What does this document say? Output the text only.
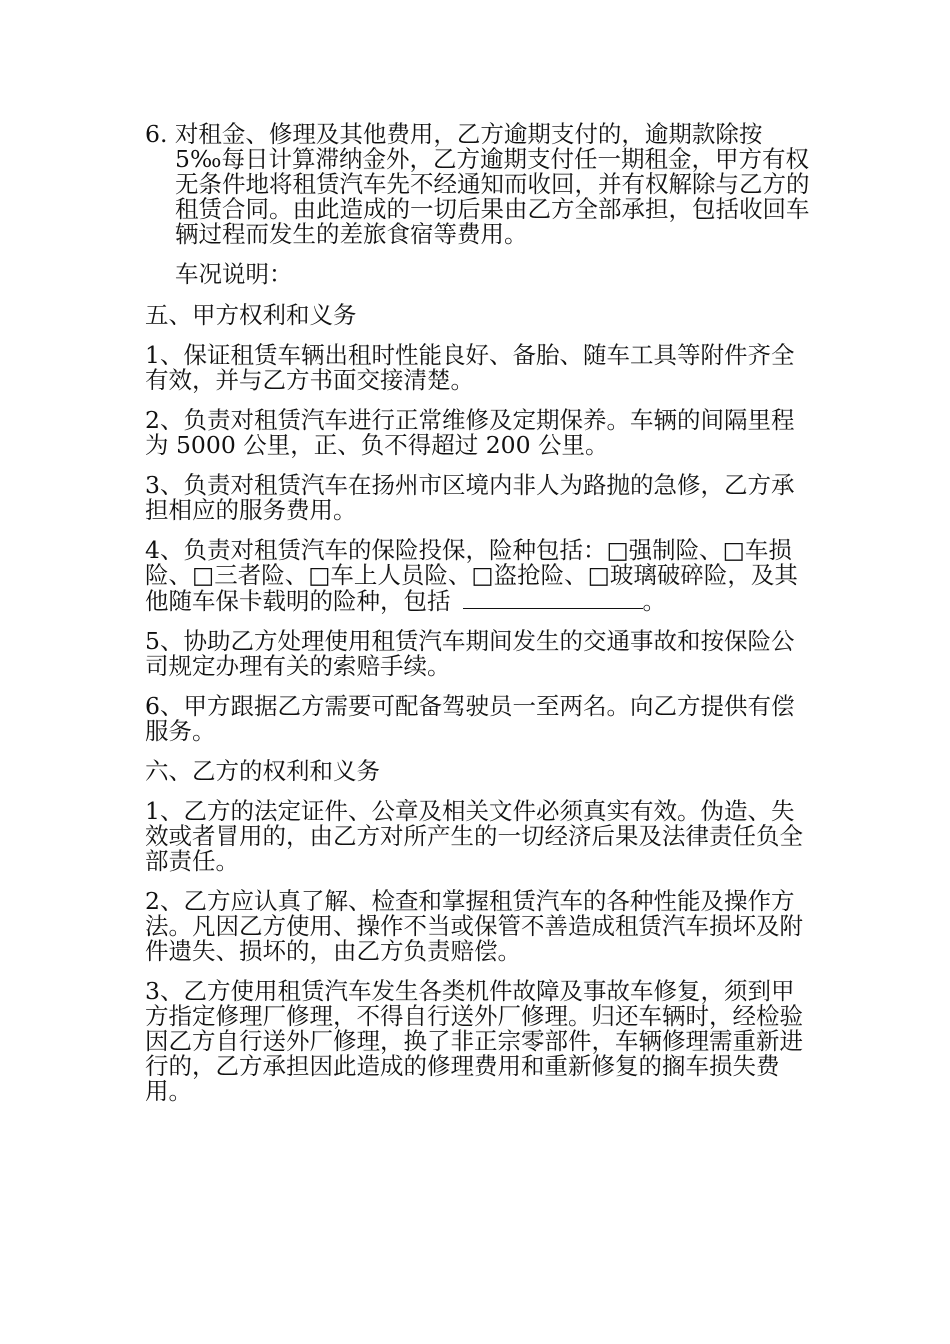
6. 对租金、修理及其他费用，乙方逾期支付的，逾期款除按 5‰每日计算滞纳金外，乙方逾期支付任一期租金，甲方有权无条件地将租赁汽车先不经通知而收回，并有权解除与乙方的租赁合同。由此造成的一切后果由乙方全部承担，包括收回车辆过程而发生的差旅食宿等费用。

车况说明：

五、甲方权利和义务

1、保证租赁车辆出租时性能良好、备胎、随车工具等附件齐全有效，并与乙方书面交接清楚。

2、负责对租赁汽车进行正常维修及定期保养。车辆的间隔里程为 5000 公里，正、负不得超过 200 公里。

3、负责对租赁汽车在扬州市区境内非人为路抛的急修，乙方承担相应的服务费用。

4、负责对租赁汽车的保险投保，险种包括：□强制险、□车损险、□三者险、□车上人员险、□盗抢险、□玻璃破碎险，及其他随车保卡载明的险种，包括	。

5、协助乙方处理使用租赁汽车期间发生的交通事故和按保险公司规定办理有关的索赔手续。

6、甲方跟据乙方需要可配备驾驶员一至两名。向乙方提供有偿服务。

六、乙方的权利和义务

1、乙方的法定证件、公章及相关文件必须真实有效。伪造、失效或者冒用的，由乙方对所产生的一切经济后果及法律责任负全部责任。

2、乙方应认真了解、检查和掌握租赁汽车的各种性能及操作方法。凡因乙方使用、操作不当或保管不善造成租赁汽车损坏及附件遗失、损坏的，由乙方负责赔偿。

3、乙方使用租赁汽车发生各类机件故障及事故车修复，须到甲方指定修理厂修理，不得自行送外厂修理。归还车辆时，经检验因乙方自行送外厂修理，换了非正宗零部件，车辆修理需重新进行的，乙方承担因此造成的修理费用和重新修复的搁车损失费用。
